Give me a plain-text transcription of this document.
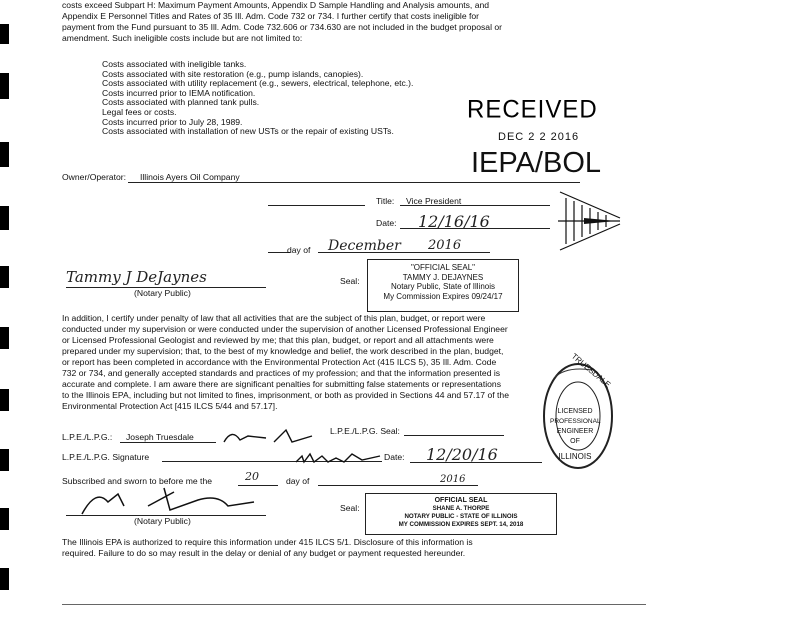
costs exceed Subpart H: Maximum Payment Amounts, Appendix D Sample Handling and Analysis amounts, and
Appendix E Personnel Titles and Rates of 35 Ill. Adm. Code 732 or 734. I further certify that costs ineligible for
payment from the Fund pursuant to 35 Ill. Adm. Code 732.606 or 734.630 are not included in the budget proposal or
amendment. Such ineligible costs include but are not limited to:
Costs associated with ineligible tanks.
Costs associated with site restoration (e.g., pump islands, canopies).
Costs associated with utility replacement (e.g., sewers, electrical, telephone, etc.).
Costs incurred prior to IEMA notification.
Costs associated with planned tank pulls.
Legal fees or costs.
Costs incurred prior to July 28, 1989.
Costs associated with installation of new USTs or the repair of existing USTs.
RECEIVED
DEC 2 2 2016
IEPA/BOL
Owner/Operator: Illinois Ayers Oil Company
Title: Vice President
Date: 12/16/16
day of December 2016
Tammy J DeJaynes
(Notary Public)
Seal:
"OFFICIAL SEAL"
TAMMY J. DEJAYNES
Notary Public, State of Illinois
My Commission Expires 09/24/17
In addition, I certify under penalty of law that all activities that are the subject of this plan, budget, or report were
conducted under my supervision or were conducted under the supervision of another Licensed Professional Engineer
or Licensed Professional Geologist and reviewed by me; that this plan, budget, or report and all attachments were
prepared under my supervision; that, to the best of my knowledge and belief, the work described in the plan, budget,
or report has been completed in accordance with the Environmental Protection Act (415 ILCS 5), 35 Ill. Adm. Code
732 or 734, and generally accepted standards and practices of my profession; and that the information presented is
accurate and complete. I am aware there are significant penalties for submitting false statements or representations
to the Illinois EPA, including but not limited to fines, imprisonment, or both as provided in Sections 44 and 57.17 of the
Environmental Protection Act [415 ILCS 5/44 and 57.17].
TRUESDALE
LICENSED
PROFESSIONAL
ENGINEER
OF
ILLINOIS
L.P.E./L.P.G.: Joseph Truesdale
L.P.E./L.P.G. Seal:
L.P.E./L.P.G. Signature	Date: 12/20/16
Subscribed and sworn to before me the	20	day of	2016
(Notary Public)
Seal:
OFFICIAL SEAL
SHANE A. THORPE
NOTARY PUBLIC - STATE OF ILLINOIS
MY COMMISSION EXPIRES SEPT. 14, 2018
The Illinois EPA is authorized to require this information under 415 ILCS 5/1. Disclosure of this information is
required. Failure to do so may result in the delay or denial of any budget or payment requested hereunder.
